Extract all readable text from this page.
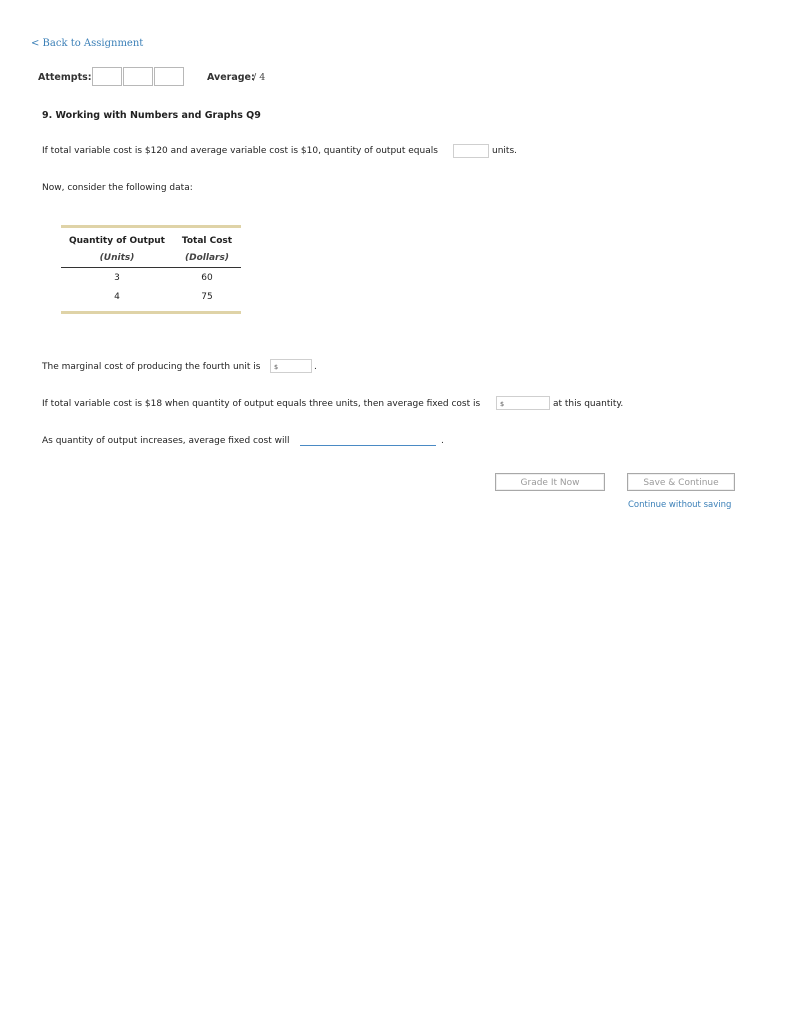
< Back to Assignment
Attempts:	Average:
/ 4
9. Working with Numbers and Graphs Q9
If total variable cost is $120 and average variable cost is $10, quantity of output equals	units.
Now, consider the following data:
Quantity of Output	Total Cost
(Units)	(Dollars)
3	60
4	75
The marginal cost of producing the fourth unit is	$	.
If total variable cost is $18 when quantity of output equals three units, then average fixed cost is	$	at this quantity.
As quantity of output increases, average fixed cost will	.
Grade It Now	Save & Continue
Continue without saving
